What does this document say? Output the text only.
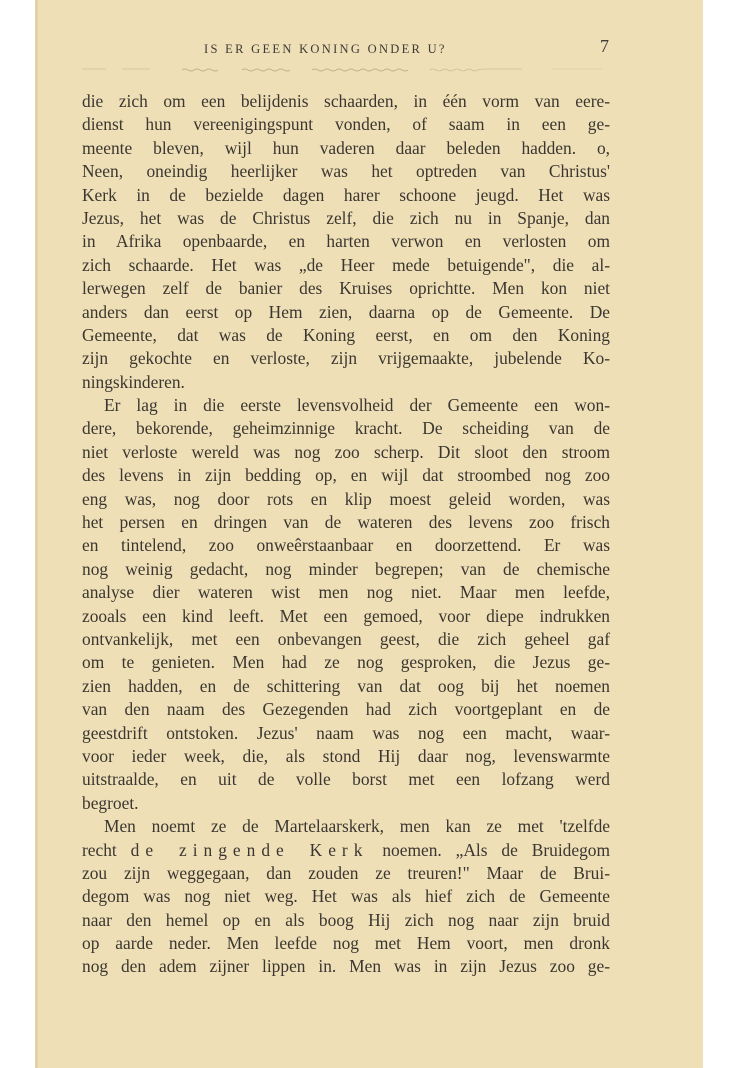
IS ER GEEN KONING ONDER U?	7
die zich om een belijdenis schaarden, in één vorm van eere-
dienst hun vereenigingspunt vonden, of saam in een ge-
meente bleven, wijl hun vaderen daar beleden hadden. o,
Neen, oneindig heerlijker was het optreden van Christus'
Kerk in de bezielde dagen harer schoone jeugd. Het was
Jezus, het was de Christus zelf, die zich nu in Spanje, dan
in Afrika openbaarde, en harten verwon en verlosten om
zich schaarde. Het was „de Heer mede betuigende", die al-
lerwegen zelf de banier des Kruises oprichtte. Men kon niet
anders dan eerst op Hem zien, daarna op de Gemeente. De
Gemeente, dat was de Koning eerst, en om den Koning
zijn gekochte en verloste, zijn vrijgemaakte, jubelende Ko-
ningskinderen.
Er lag in die eerste levensvolheid der Gemeente een won-
dere, bekorende, geheimzinnige kracht. De scheiding van de
niet verloste wereld was nog zoo scherp. Dit sloot den stroom
des levens in zijn bedding op, en wijl dat stroombed nog zoo
eng was, nog door rots en klip moest geleid worden, was
het persen en dringen van de wateren des levens zoo frisch
en tintelend, zoo onweêrstaanbaar en doorzettend. Er was
nog weinig gedacht, nog minder begrepen; van de chemische
analyse dier wateren wist men nog niet. Maar men leefde,
zooals een kind leeft. Met een gemoed, voor diepe indrukken
ontvankelijk, met een onbevangen geest, die zich geheel gaf
om te genieten. Men had ze nog gesproken, die Jezus ge-
zien hadden, en de schittering van dat oog bij het noemen
van den naam des Gezegenden had zich voortgeplant en de
geestdrift ontstoken. Jezus' naam was nog een macht, waar-
voor ieder week, die, als stond Hij daar nog, levenswarmte
uitstraalde, en uit de volle borst met een lofzang werd
begroet.
Men noemt ze de Martelaarskerk, men kan ze met 'tzelfde
recht de zingende Kerk noemen. „Als de Bruidegom
zou zijn weggegaan, dan zouden ze treuren!" Maar de Brui-
degom was nog niet weg. Het was als hief zich de Gemeente
naar den hemel op en als boog Hij zich nog naar zijn bruid
op aarde neder. Men leefde nog met Hem voort, men dronk
nog den adem zijner lippen in. Men was in zijn Jezus zoo ge-
